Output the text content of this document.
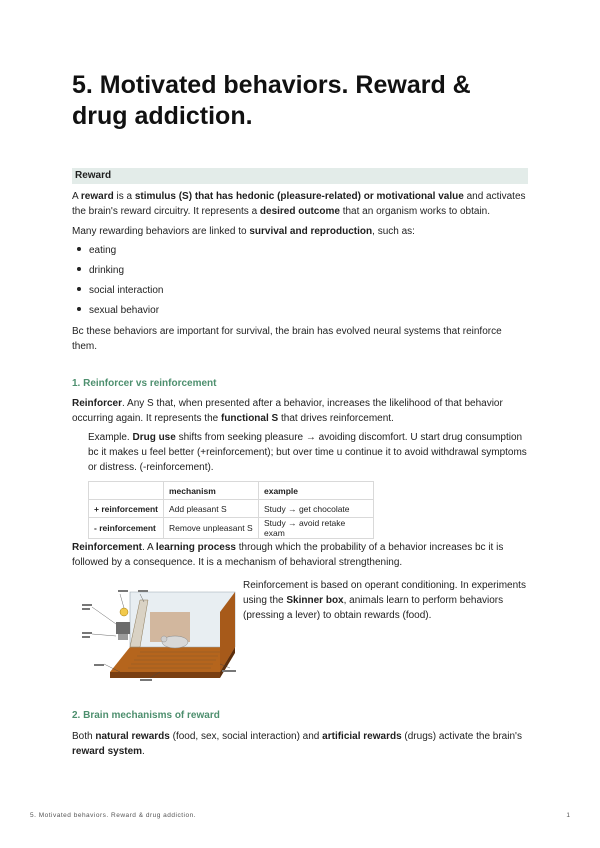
5. Motivated behaviors. Reward & drug addiction.
Reward

A reward is a stimulus (S) that has hedonic (pleasure-related) or motivational value and activates the brain's reward circuitry. It represents a desired outcome that an organism works to obtain.

Many rewarding behaviors are linked to survival and reproduction, such as:

eating
drinking
social interaction
sexual behavior

Bc these behaviors are important for survival, the brain has evolved neural systems that reinforce them.

1. Reinforcer vs reinforcement

Reinforcer. Any S that, when presented after a behavior, increases the likelihood of that behavior occurring again. It represents the functional S that drives reinforcement.

Example. Drug use shifts from seeking pleasure → avoiding discomfort. U start drug consumption bc it makes u feel better (+reinforcement); but over time u continue it to avoid withdrawal symptoms or distress. (-reinforcement).
	mechanism	example
+ reinforcement	Add pleasant S	Study → get chocolate
- reinforcement	Remove unpleasant S	Study → avoid retake exam

Reinforcement. A learning process through which the probability of a behavior increases bc it is followed by a consequence. It is a mechanism of behavioral strengthening.

Reinforcement is based on operant conditioning. In experiments using the Skinner box, animals learn to perform behaviors (pressing a lever) to obtain rewards (food).
2. Brain mechanisms of reward

Both natural rewards (food, sex, social interaction) and artificial rewards (drugs) activate the brain's reward system.

5. Motivated behaviors. Reward & drug addiction.	1
